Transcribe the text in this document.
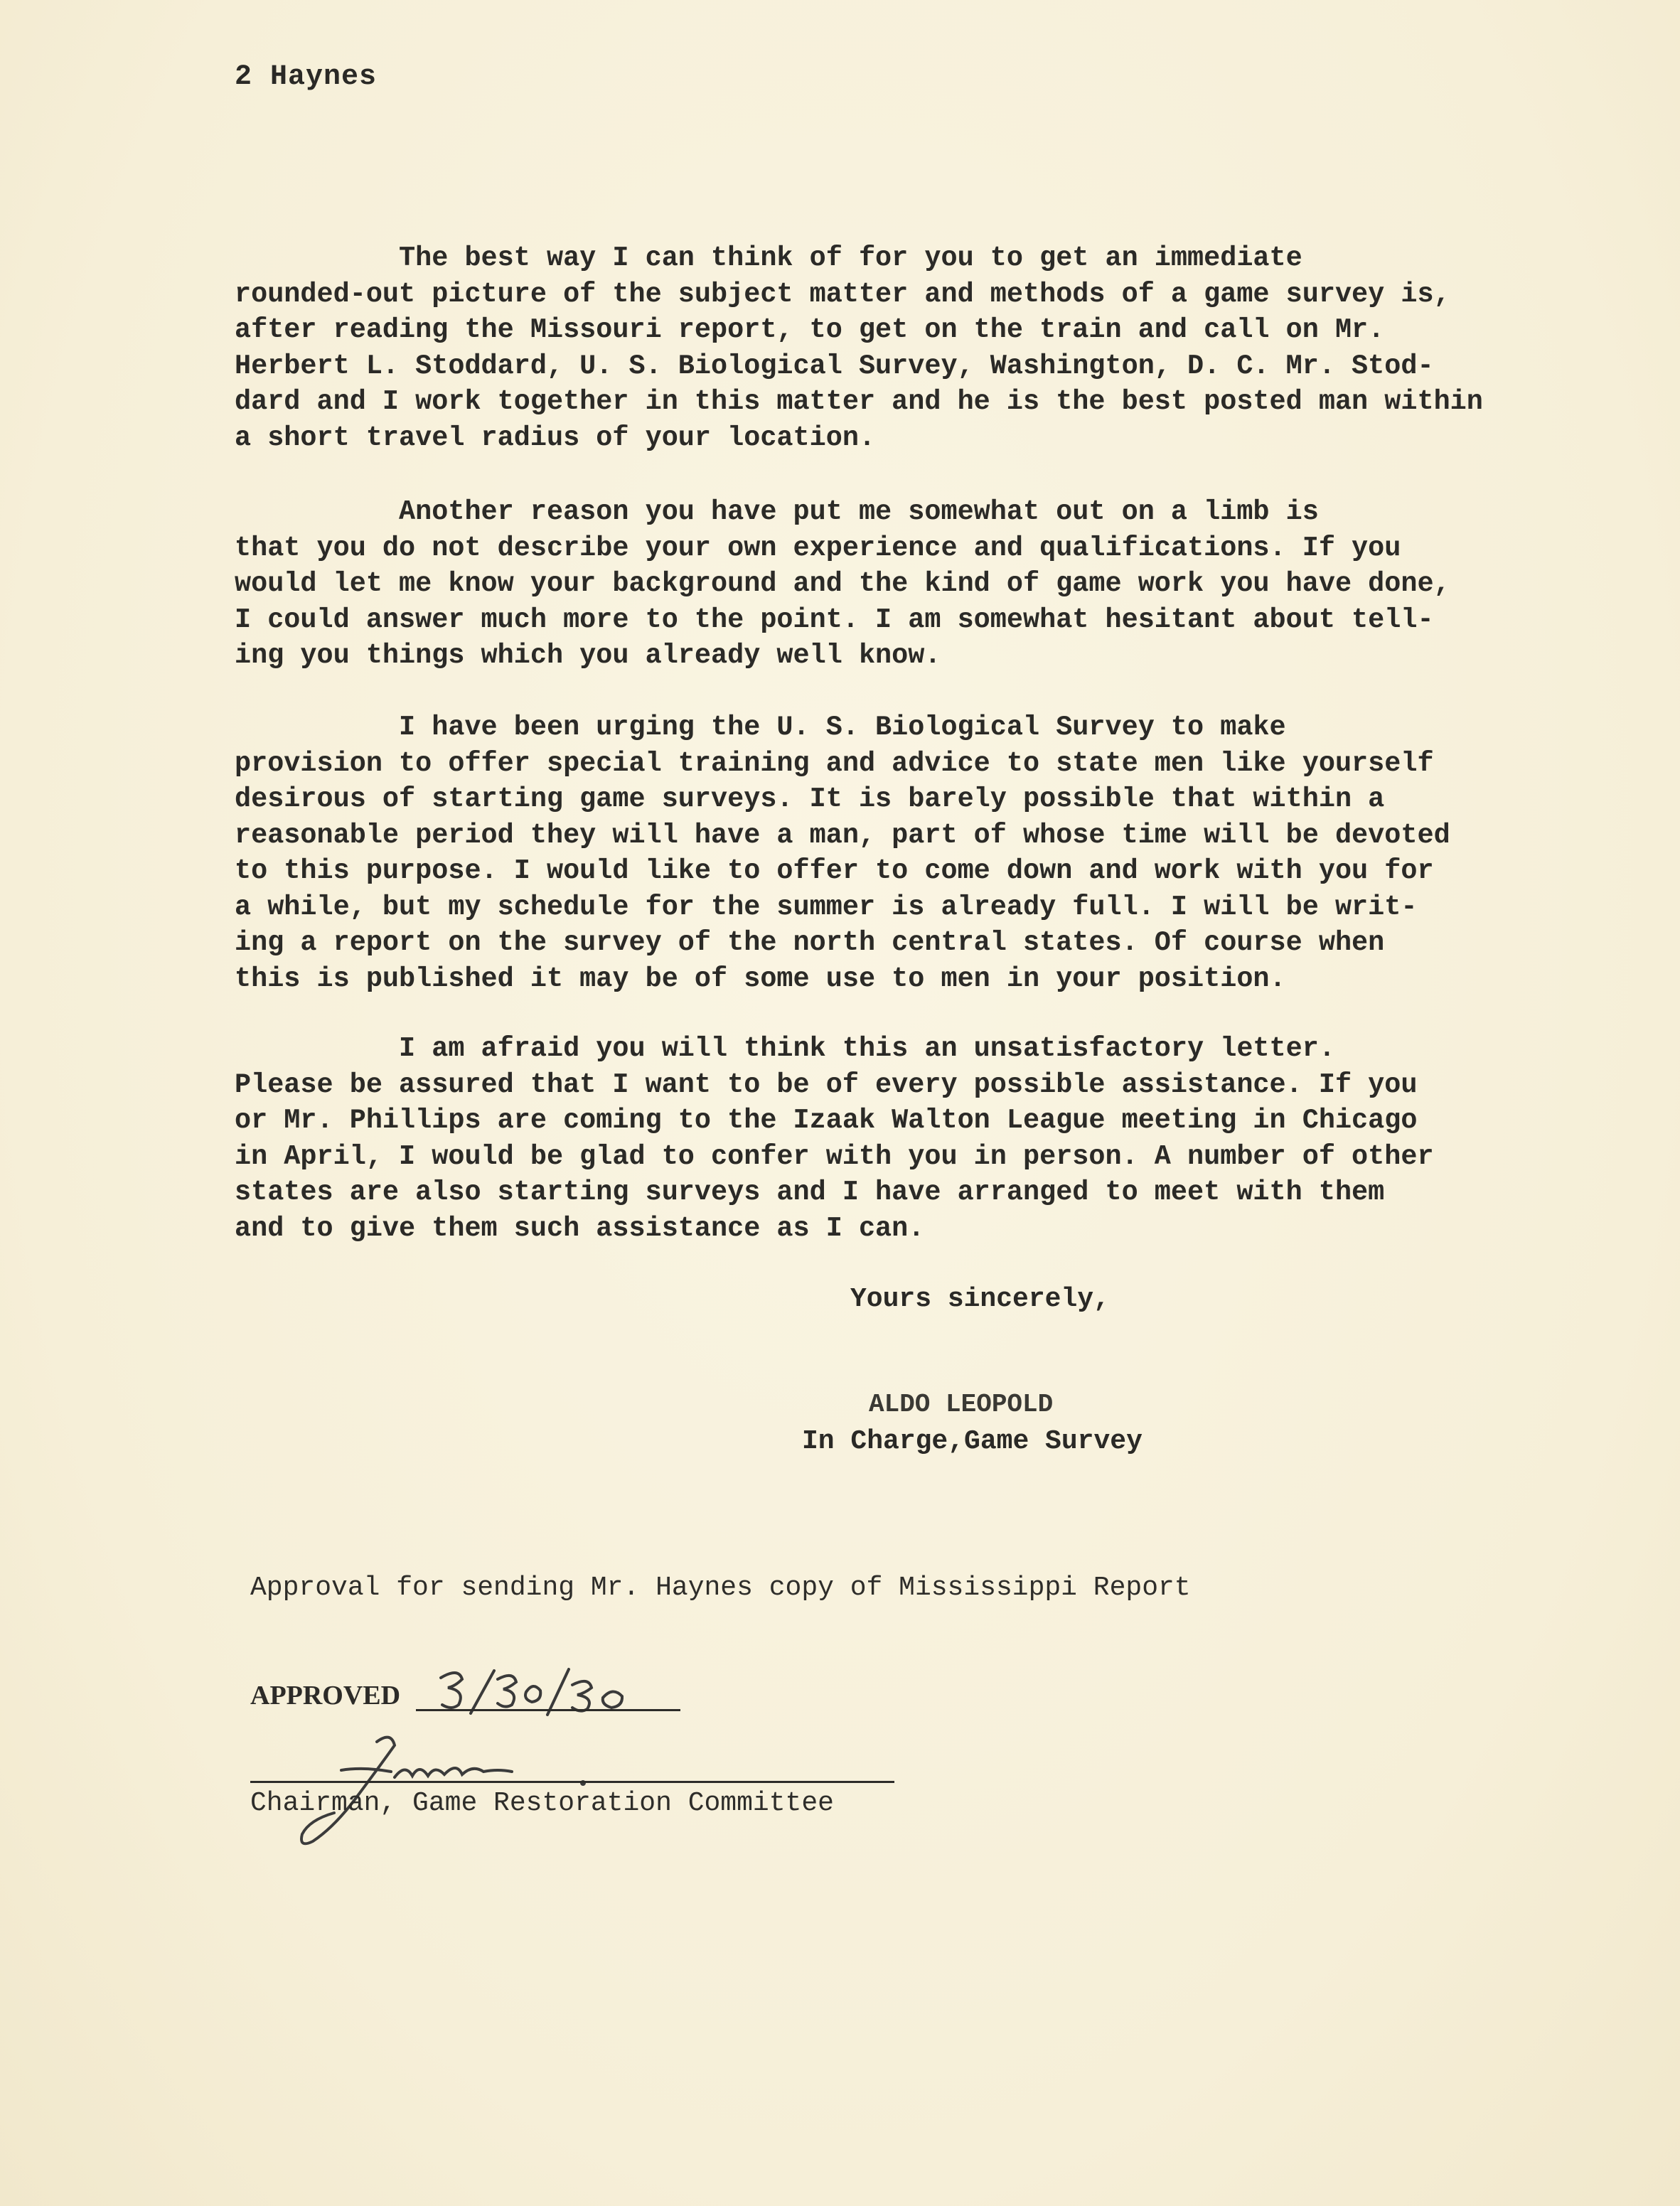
2 Haynes
The best way I can think of for you to get an immediate
rounded-out picture of the subject matter and methods of a game survey is,
after reading the Missouri report, to get on the train and call on Mr.
Herbert L. Stoddard, U. S. Biological Survey, Washington, D. C. Mr. Stod-
dard and I work together in this matter and he is the best posted man within
a short travel radius of your location.
Another reason you have put me somewhat out on a limb is
that you do not describe your own experience and qualifications. If you
would let me know your background and the kind of game work you have done,
I could answer much more to the point. I am somewhat hesitant about tell-
ing you things which you already well know.
I have been urging the U. S. Biological Survey to make
provision to offer special training and advice to state men like yourself
desirous of starting game surveys. It is barely possible that within a
reasonable period they will have a man, part of whose time will be devoted
to this purpose. I would like to offer to come down and work with you for
a while, but my schedule for the summer is already full. I will be writ-
ing a report on the survey of the north central states. Of course when
this is published it may be of some use to men in your position.
I am afraid you will think this an unsatisfactory letter.
Please be assured that I want to be of every possible assistance. If you
or Mr. Phillips are coming to the Izaak Walton League meeting in Chicago
in April, I would be glad to confer with you in person. A number of other
states are also starting surveys and I have arranged to meet with them
and to give them such assistance as I can.
Yours sincerely,
ALDO LEOPOLD
In Charge,Game Survey
Approval for sending Mr. Haynes copy of Mississippi Report
APPROVED
Chairman, Game Restoration Committee
